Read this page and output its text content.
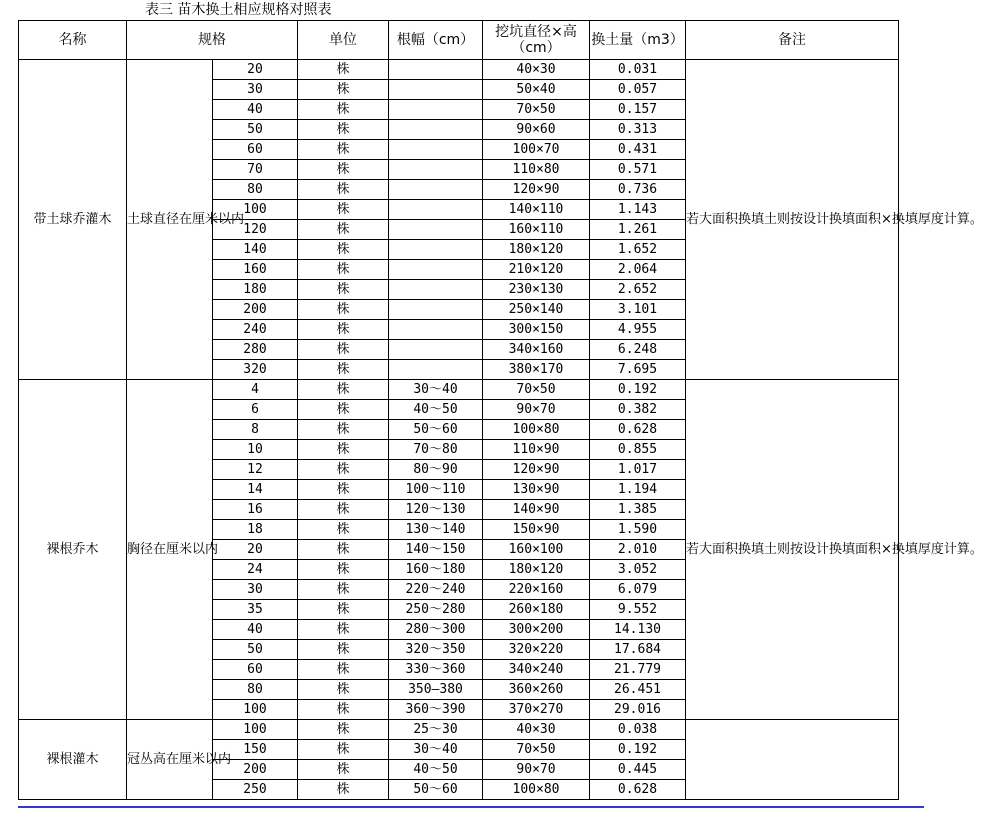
表三 苗木换土相应规格对照表
名称	规格		单位	根幅（cm）	挖坑直径×高（cm）	换土量（m3）	备注
带土球乔灌木	土球直径在厘米以内	20	株		40×30	0.031	若大面积换填土则按设计换填面积×换填厚度计算。
		30	株		50×40	0.057	
		40	株		70×50	0.157	
		50	株		90×60	0.313	
		60	株		100×70	0.431	
		70	株		110×80	0.571	
		80	株		120×90	0.736	
		100	株		140×110	1.143	
		120	株		160×110	1.261	
		140	株		180×120	1.652	
		160	株		210×120	2.064	
		180	株		230×130	2.652	
		200	株		250×140	3.101	
		240	株		300×150	4.955	
		280	株		340×160	6.248	
		320	株		380×170	7.695	
裸根乔木	胸径在厘米以内	4	株	30～40	70×50	0.192	若大面积换填土则按设计换填面积×换填厚度计算。
		6	株	40～50	90×70	0.382	
		8	株	50～60	100×80	0.628	
		10	株	70～80	110×90	0.855	
		12	株	80～90	120×90	1.017	
		14	株	100～110	130×90	1.194	
		16	株	120～130	140×90	1.385	
		18	株	130～140	150×90	1.590	
		20	株	140～150	160×100	2.010	
		24	株	160～180	180×120	3.052	
		30	株	220～240	220×160	6.079	
		35	株	250～280	260×180	9.552	
		40	株	280～300	300×200	14.130	
		50	株	320～350	320×220	17.684	
		60	株	330～360	340×240	21.779	
		80	株	350—380	360×260	26.451	
		100	株	360～390	370×270	29.016	
裸根灌木	冠丛高在厘米以内	100	株	25～30	40×30	0.038	
		150	株	30～40	70×50	0.192	
		200	株	40～50	90×70	0.445	
		250	株	50～60	100×80	0.628	
